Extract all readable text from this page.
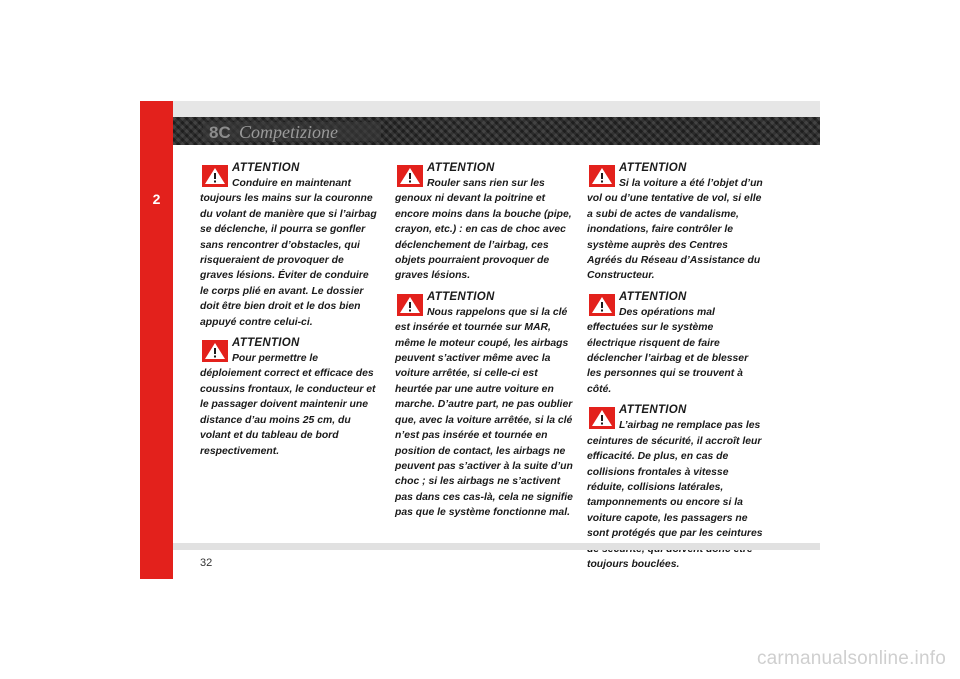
2
8C Competizione
ATTENTION
Conduire en maintenant toujours les mains sur la couronne du volant de manière que si l’airbag se déclenche, il pourra se gonfler sans rencontrer d’obstacles, qui risqueraient de provoquer de graves lésions. Éviter de conduire le corps plié en avant. Le dossier doit être bien droit et le dos bien appuyé contre celui-ci.
ATTENTION
Pour permettre le déploiement correct et efficace des coussins frontaux, le conducteur et le passager doivent maintenir une distance d’au moins 25 cm, du volant et du tableau de bord respectivement.
ATTENTION
Rouler sans rien sur les genoux ni devant la poitrine et encore moins dans la bouche (pipe, crayon, etc.) : en cas de choc avec déclenchement de l’airbag, ces objets pourraient provoquer de graves lésions.
ATTENTION
Nous rappelons que si la clé est insérée et tournée sur MAR, même le moteur coupé, les airbags peuvent s’activer même avec la voiture arrêtée, si celle-ci est heurtée par une autre voiture en marche. D’autre part, ne pas oublier que, avec la voiture arrêtée, si la clé n’est pas insérée et tournée en position de contact, les airbags ne peuvent pas s’activer à la suite d’un choc ; si les airbags ne s’activent pas dans ces cas-là, cela ne signifie pas que le système fonctionne mal.
ATTENTION
Si la voiture a été l’objet d’un vol ou d’une tentative de vol, si elle a subi de actes de vandalisme, inondations, faire contrôler le système auprès des Centres Agréés du Réseau d’Assistance du Constructeur.
ATTENTION
Des opérations mal effectuées sur le système électrique risquent de faire déclencher l’airbag et de blesser les personnes qui se trouvent à côté.
ATTENTION
L’airbag ne remplace pas les ceintures de sécurité, il accroît leur efficacité. De plus, en cas de collisions frontales à vitesse réduite, collisions latérales, tamponnements ou encore si la voiture capote, les passagers ne sont protégés que par les ceintures toujours bouclées.
32
carmanualsonline.info
